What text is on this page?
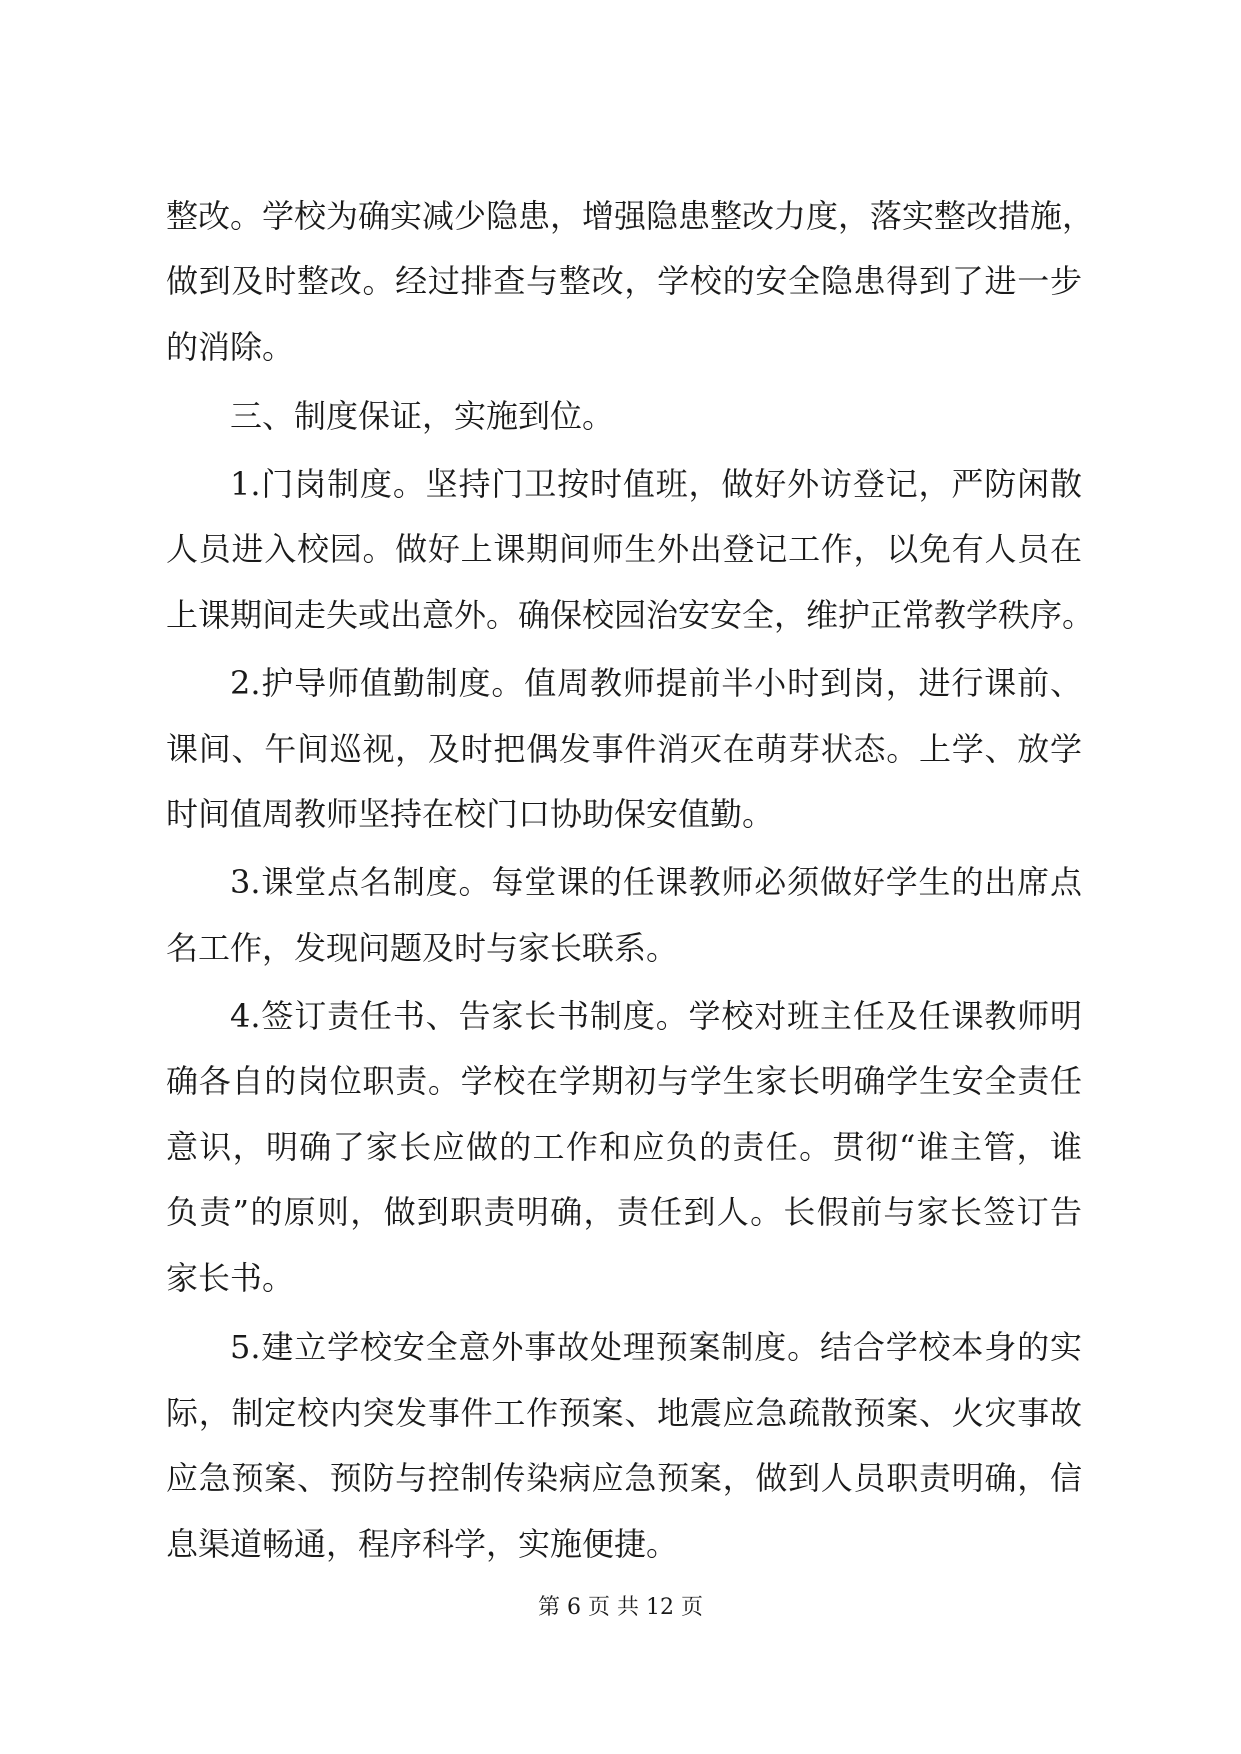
整改。学校为确实减少隐患，增强隐患整改力度，落实整改措施，
做到及时整改。经过排查与整改，学校的安全隐患得到了进一步
的消除。
三、制度保证，实施到位。
1.门岗制度。坚持门卫按时值班，做好外访登记，严防闲散
人员进入校园。做好上课期间师生外出登记工作，以免有人员在
上课期间走失或出意外。确保校园治安安全，维护正常教学秩序。
2.护导师值勤制度。值周教师提前半小时到岗，进行课前、
课间、午间巡视，及时把偶发事件消灭在萌芽状态。上学、放学
时间值周教师坚持在校门口协助保安值勤。
3.课堂点名制度。每堂课的任课教师必须做好学生的出席点
名工作，发现问题及时与家长联系。
4.签订责任书、告家长书制度。学校对班主任及任课教师明
确各自的岗位职责。学校在学期初与学生家长明确学生安全责任
意识，明确了家长应做的工作和应负的责任。贯彻“谁主管，谁
负责”的原则，做到职责明确，责任到人。长假前与家长签订告
家长书。
5.建立学校安全意外事故处理预案制度。结合学校本身的实
际，制定校内突发事件工作预案、地震应急疏散预案、火灾事故
应急预案、预防与控制传染病应急预案，做到人员职责明确，信
息渠道畅通，程序科学，实施便捷。
第 6 页 共 12 页
